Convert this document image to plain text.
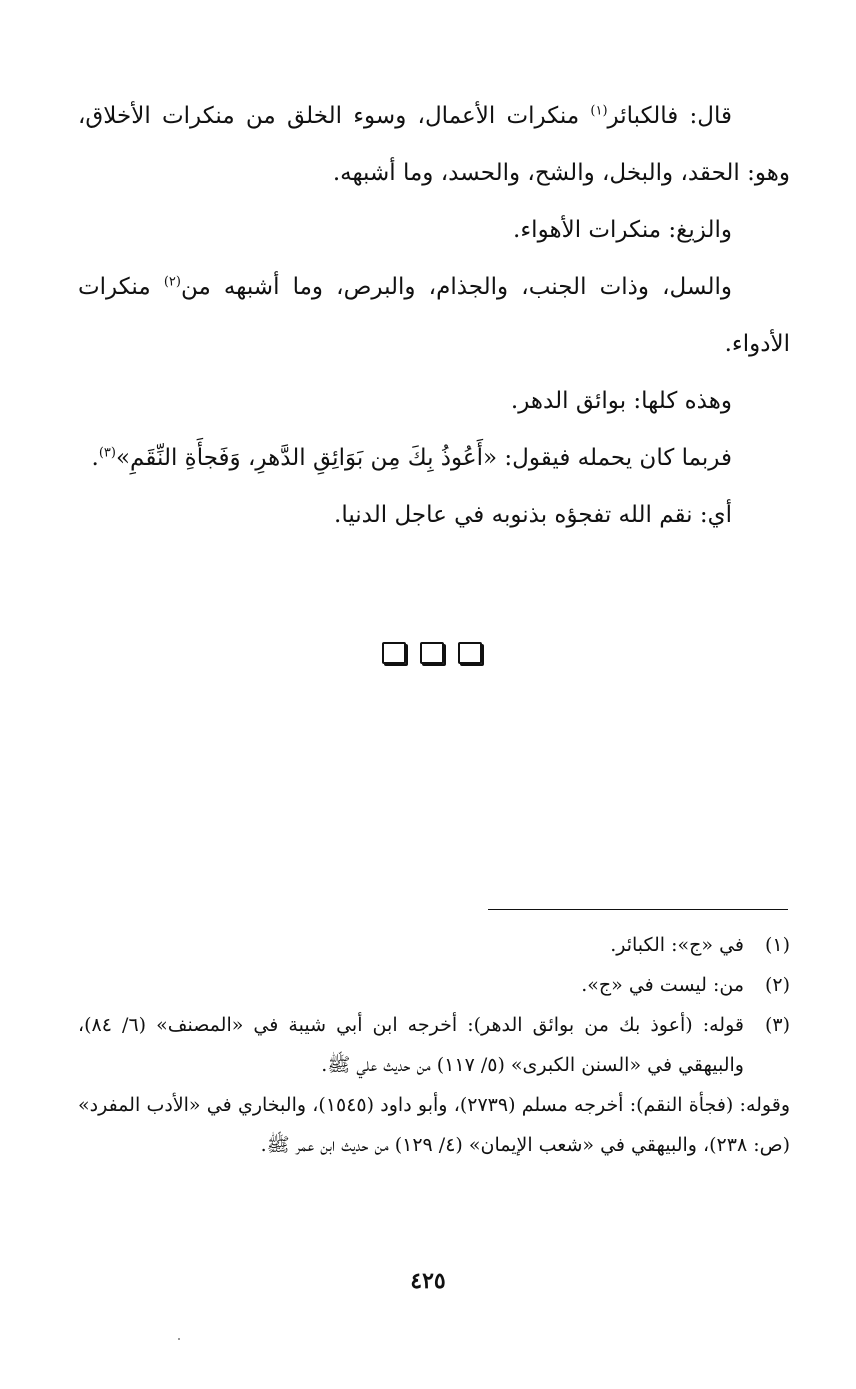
قال: فالكبائر$^{(١)}$ منكرات الأعمال، وسوء الخلق من منكرات الأخلاق، وهو: الحقد، والبخل، والشح، والحسد، وما أشبهه.

والزيغ: منكرات الأهواء.

والسل، وذات الجنب، والجذام، والبرص، وما أشبهه من$^{(٢)}$ منكرات الأدواء.

وهذه كلها: بوائق الدهر.

فربما كان يحمله فيقول: «أَعُوذُ بِكَ مِن بَوَائِقِ الدَّهرِ، وَفَجأَةِ النِّقَمِ»$^{(٣)}$.

أي: نقم الله تفجؤه بذنوبه في عاجل الدنيا.

(١)
في «ج»: الكبائر.
(٢)
من: ليست في «ج».
(٣)
قوله: (أعوذ بك من بوائق الدهر): أخرجه ابن أبي شيبة في «المصنف» (٦/ ٨٤)، والبيهقي في «السنن الكبرى» (٥/ ١١٧) من حديث علي ﷺ.

وقوله: (فجأة النقم): أخرجه مسلم (٢٧٣٩)، وأبو داود (١٥٤٥)، والبخاري في «الأدب المفرد» (ص: ٢٣٨)، والبيهقي في «شعب الإيمان» (٤/ ١٢٩) من حديث ابن عمر ﷺ.

٤٢٥
